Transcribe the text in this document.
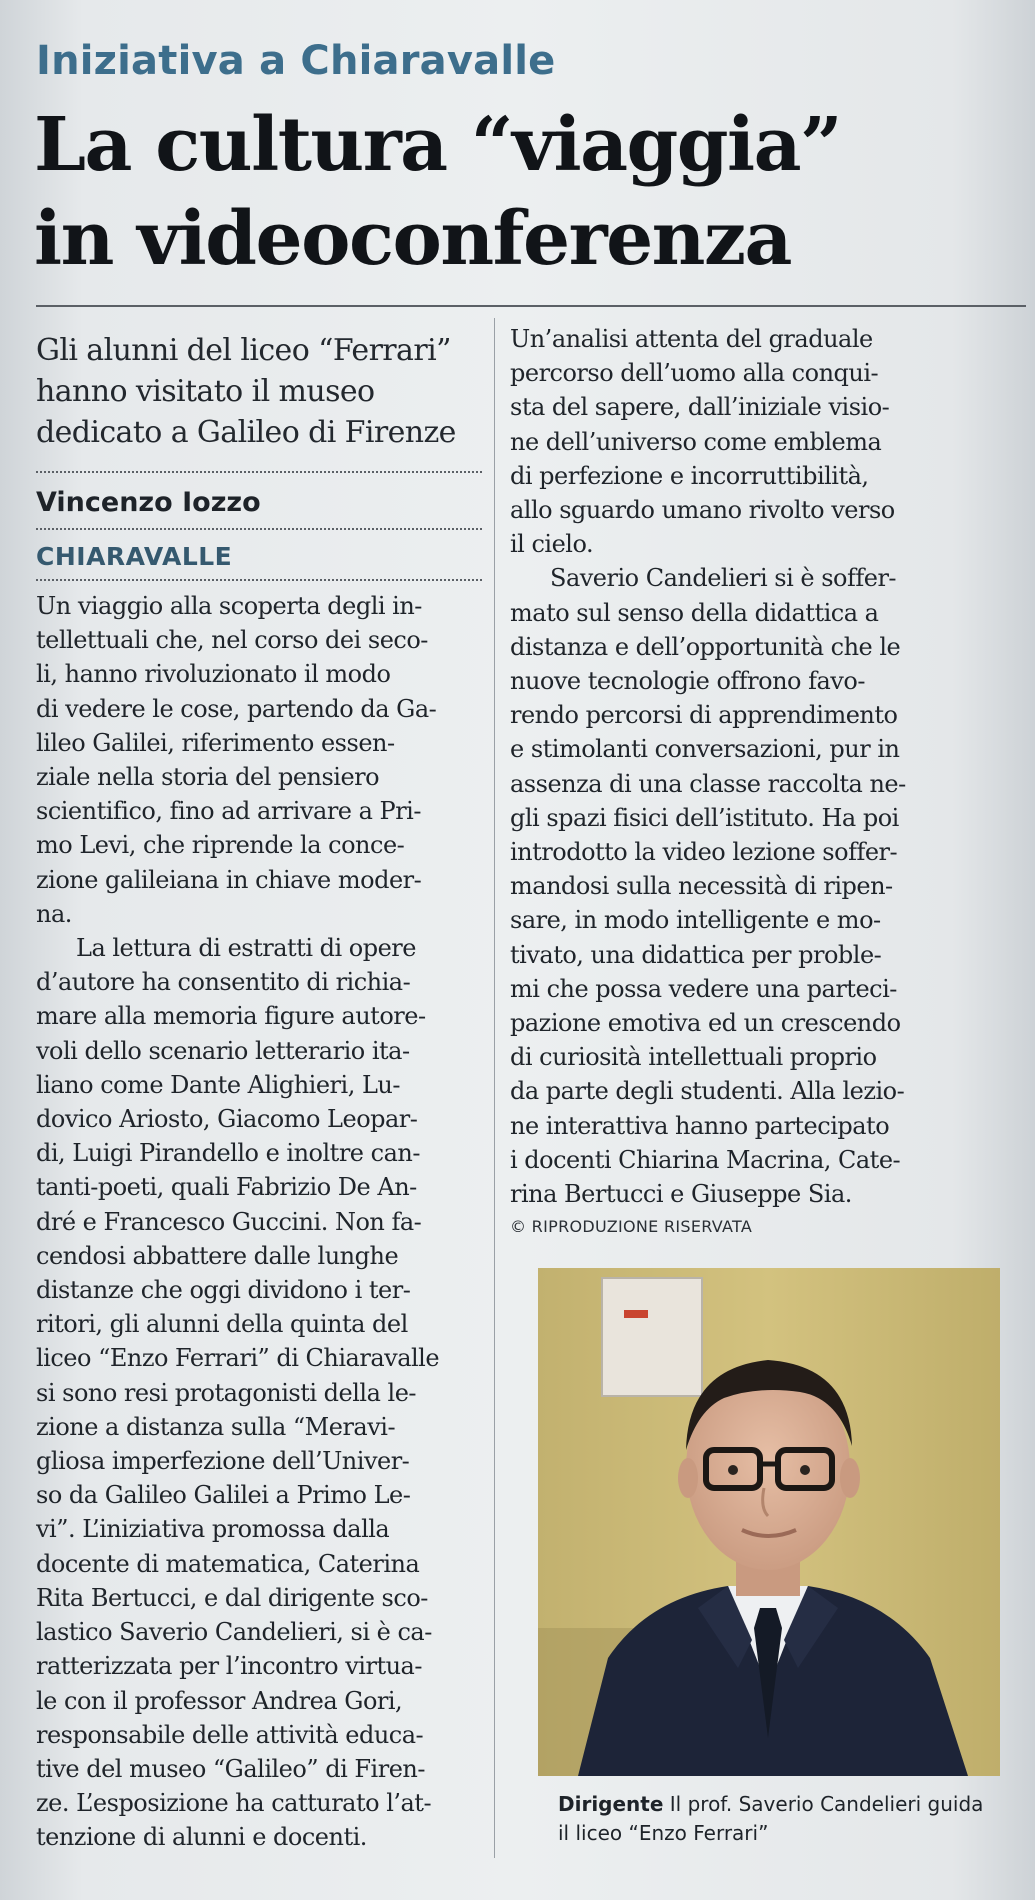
Iniziativa a Chiaravalle
La cultura “viaggia”
in videoconferenza
Gli alunni del liceo “Ferrari”
hanno visitato il museo
dedicato a Galileo di Firenze
Vincenzo Iozzo
CHIARAVALLE

Un viaggio alla scoperta degli in-
tellettuali che, nel corso dei seco-
li, hanno rivoluzionato il modo
di vedere le cose, partendo da Ga-
lileo Galilei, riferimento essen-
ziale nella storia del pensiero
scientifico, fino ad arrivare a Pri-
mo Levi, che riprende la conce-
zione galileiana in chiave moder-
na.

La lettura di estratti di opere
d’autore ha consentito di richia-
mare alla memoria figure autore-
voli dello scenario letterario ita-
liano come Dante Alighieri, Lu-
dovico Ariosto, Giacomo Leopar-
di, Luigi Pirandello e inoltre can-
tanti-poeti, quali Fabrizio De An-
dré e Francesco Guccini. Non fa-
cendosi abbattere dalle lunghe
distanze che oggi dividono i ter-
ritori, gli alunni della quinta del
liceo “Enzo Ferrari” di Chiaravalle
si sono resi protagonisti della le-
zione a distanza sulla “Meravi-
gliosa imperfezione dell’Univer-
so da Galileo Galilei a Primo Le-
vi”. L’iniziativa promossa dalla
docente di matematica, Caterina
Rita Bertucci, e dal dirigente sco-
lastico Saverio Candelieri, si è ca-
ratterizzata per l’incontro virtua-
le con il professor Andrea Gori,
responsabile delle attività educa-
tive del museo “Galileo” di Firen-
ze. L’esposizione ha catturato l’at-
tenzione di alunni e docenti.

Un’analisi attenta del graduale
percorso dell’uomo alla conqui-
sta del sapere, dall’iniziale visio-
ne dell’universo come emblema
di perfezione e incorruttibilità,
allo sguardo umano rivolto verso
il cielo.

Saverio Candelieri si è soffer-
mato sul senso della didattica a
distanza e dell’opportunità che le
nuove tecnologie offrono favo-
rendo percorsi di apprendimento
e stimolanti conversazioni, pur in
assenza di una classe raccolta ne-
gli spazi fisici dell’istituto. Ha poi
introdotto la video lezione soffer-
mandosi sulla necessità di ripen-
sare, in modo intelligente e mo-
tivato, una didattica per proble-
mi che possa vedere una parteci-
pazione emotiva ed un crescendo
di curiosità intellettuali proprio
da parte degli studenti. Alla lezio-
ne interattiva hanno partecipato
i docenti Chiarina Macrina, Cate-
rina Bertucci e Giuseppe Sia.

© RIPRODUZIONE RISERVATA
Dirigente Il prof. Saverio Candelieri guida il liceo “Enzo Ferrari”
